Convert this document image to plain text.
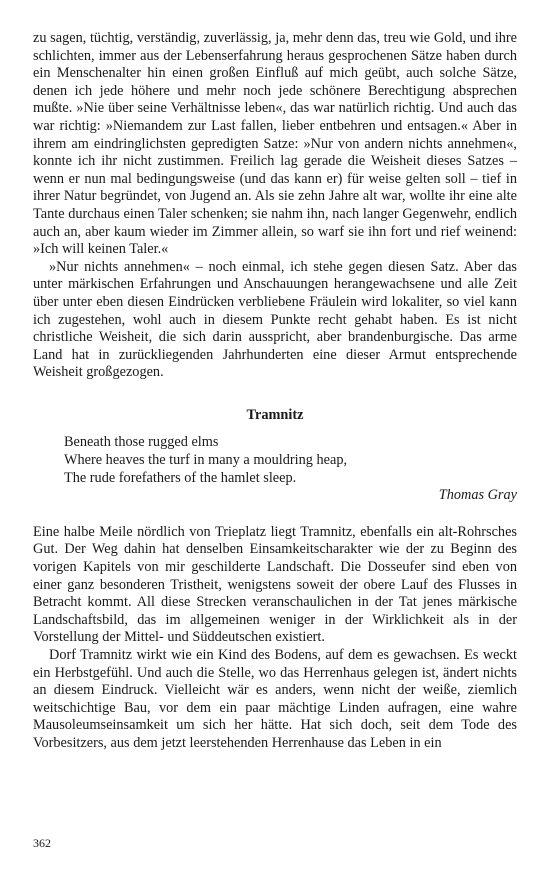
zu sagen, tüchtig, verständig, zuverlässig, ja, mehr denn das, treu wie Gold, und ihre schlichten, immer aus der Lebenserfahrung heraus gesprochenen Sätze haben durch ein Menschenalter hin einen großen Einfluß auf mich geübt, auch solche Sätze, denen ich jede höhere und mehr noch jede schönere Berechtigung absprechen mußte. »Nie über seine Verhältnisse leben«, das war natürlich richtig. Und auch das war richtig: »Niemandem zur Last fallen, lieber entbehren und entsagen.« Aber in ihrem am eindringlichsten gepredigten Satze: »Nur von andern nichts annehmen«, konnte ich ihr nicht zustimmen. Freilich lag gerade die Weisheit dieses Satzes – wenn er nun mal bedingungsweise (und das kann er) für weise gelten soll – tief in ihrer Natur begründet, von Jugend an. Als sie zehn Jahre alt war, wollte ihr eine alte Tante durchaus einen Taler schenken; sie nahm ihn, nach langer Gegenwehr, endlich auch an, aber kaum wieder im Zimmer allein, so warf sie ihn fort und rief weinend: »Ich will keinen Taler.«

»Nur nichts annehmen« – noch einmal, ich stehe gegen diesen Satz. Aber das unter märkischen Erfahrungen und Anschauungen herangewachsene und alle Zeit über unter eben diesen Eindrücken verbliebene Fräulein wird lokaliter, so viel kann ich zugestehen, wohl auch in diesem Punkte recht gehabt haben. Es ist nicht christliche Weisheit, die sich darin ausspricht, aber brandenburgische. Das arme Land hat in zurückliegenden Jahrhunderten eine dieser Armut entsprechende Weisheit großgezogen.

Tramnitz
Beneath those rugged elms
Where heaves the turf in many a mouldring heap,
The rude forefathers of the hamlet sleep.
Thomas Gray

Eine halbe Meile nördlich von Trieplatz liegt Tramnitz, ebenfalls ein alt-Rohrsches Gut. Der Weg dahin hat denselben Einsamkeitscharakter wie der zu Beginn des vorigen Kapitels von mir geschilderte Landschaft. Die Dosseufer sind eben von einer ganz besonderen Tristheit, wenigstens soweit der obere Lauf des Flusses in Betracht kommt. All diese Strecken veranschaulichen in der Tat jenes märkische Landschaftsbild, das im allgemeinen weniger in der Wirklichkeit als in der Vorstellung der Mittel- und Süddeutschen existiert.

Dorf Tramnitz wirkt wie ein Kind des Bodens, auf dem es gewachsen. Es weckt ein Herbstgefühl. Und auch die Stelle, wo das Herrenhaus gelegen ist, ändert nichts an diesem Eindruck. Vielleicht wär es anders, wenn nicht der weiße, ziemlich weitschichtige Bau, vor dem ein paar mächtige Linden aufragen, eine wahre Mausoleumseinsamkeit um sich her hätte. Hat sich doch, seit dem Tode des Vorbesitzers, aus dem jetzt leerstehenden Herrenhause das Leben in ein

362
